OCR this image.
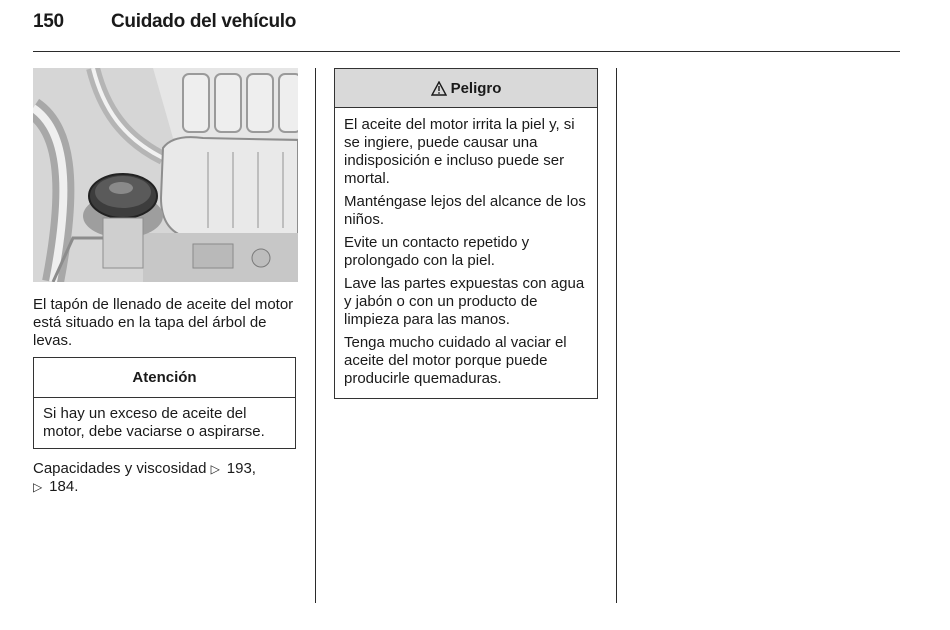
150 Cuidado del vehículo
El tapón de llenado de aceite del motor está situado en la tapa del árbol de levas.
Atención
Si hay un exceso de aceite del motor, debe vaciarse o aspirarse.
Capacidades y viscosidad ▷ 193,
▷ 184.
Peligro

El aceite del motor irrita la piel y, si se ingiere, puede causar una indisposición e incluso puede ser mortal.

Manténgase lejos del alcance de los niños.

Evite un contacto repetido y prolongado con la piel.

Lave las partes expuestas con agua y jabón o con un producto de limpieza para las manos.

Tenga mucho cuidado al vaciar el aceite del motor porque puede producirle quemaduras.
